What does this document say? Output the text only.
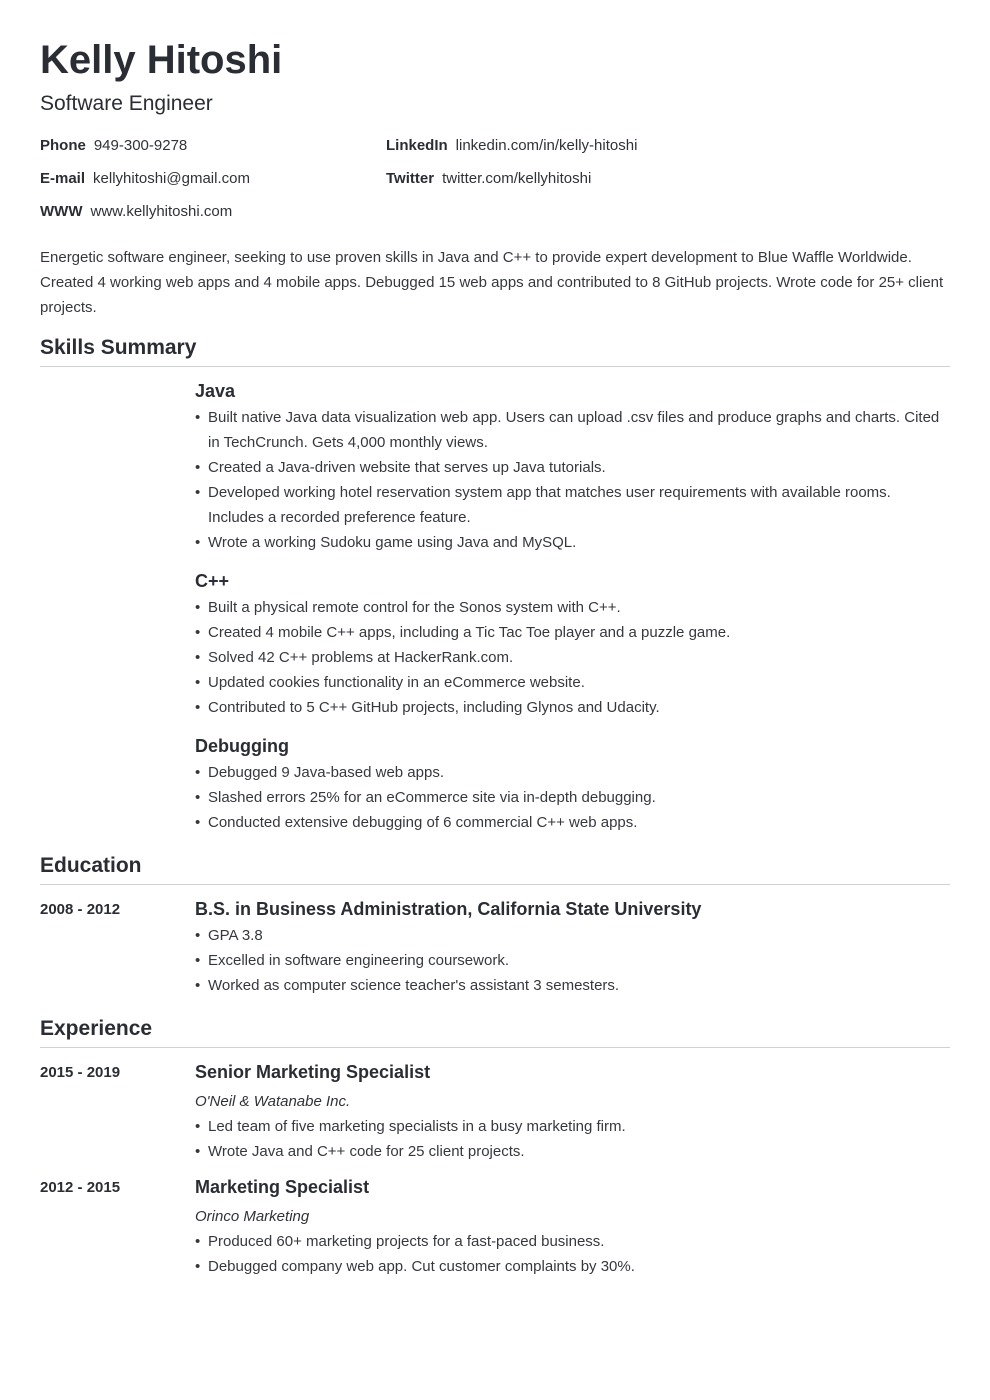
Kelly Hitoshi

Software Engineer

Phone 949-300-9278	LinkedIn linkedin.com/in/kelly-hitoshi
E-mail kellyhitoshi@gmail.com	Twitter twitter.com/kellyhitoshi
WWW www.kellyhitoshi.com

Energetic software engineer, seeking to use proven skills in Java and C++ to provide expert development to Blue Waffle Worldwide. Created 4 working web apps and 4 mobile apps. Debugged 15 web apps and contributed to 8 GitHub projects. Wrote code for 25+ client projects.

Skills Summary
Java
• Built native Java data visualization web app. Users can upload .csv files and produce graphs and charts. Cited in TechCrunch. Gets 4,000 monthly views.
• Created a Java-driven website that serves up Java tutorials.
• Developed working hotel reservation system app that matches user requirements with available rooms. Includes a recorded preference feature.
• Wrote a working Sudoku game using Java and MySQL.
C++
• Built a physical remote control for the Sonos system with C++.
• Created 4 mobile C++ apps, including a Tic Tac Toe player and a puzzle game.
• Solved 42 C++ problems at HackerRank.com.
• Updated cookies functionality in an eCommerce website.
• Contributed to 5 C++ GitHub projects, including Glynos and Udacity.
Debugging
• Debugged 9 Java-based web apps.
• Slashed errors 25% for an eCommerce site via in-depth debugging.
• Conducted extensive debugging of 6 commercial C++ web apps.
Education
2008 - 2012	B.S. in Business Administration, California State University
• GPA 3.8
• Excelled in software engineering coursework.
• Worked as computer science teacher's assistant 3 semesters.
Experience
2015 - 2019	Senior Marketing Specialist

O'Neil & Watanabe Inc.

• Led team of five marketing specialists in a busy marketing firm.
• Wrote Java and C++ code for 25 client projects.
2012 - 2015	Marketing Specialist

Orinco Marketing

• Produced 60+ marketing projects for a fast-paced business.
• Debugged company web app. Cut customer complaints by 30%.
